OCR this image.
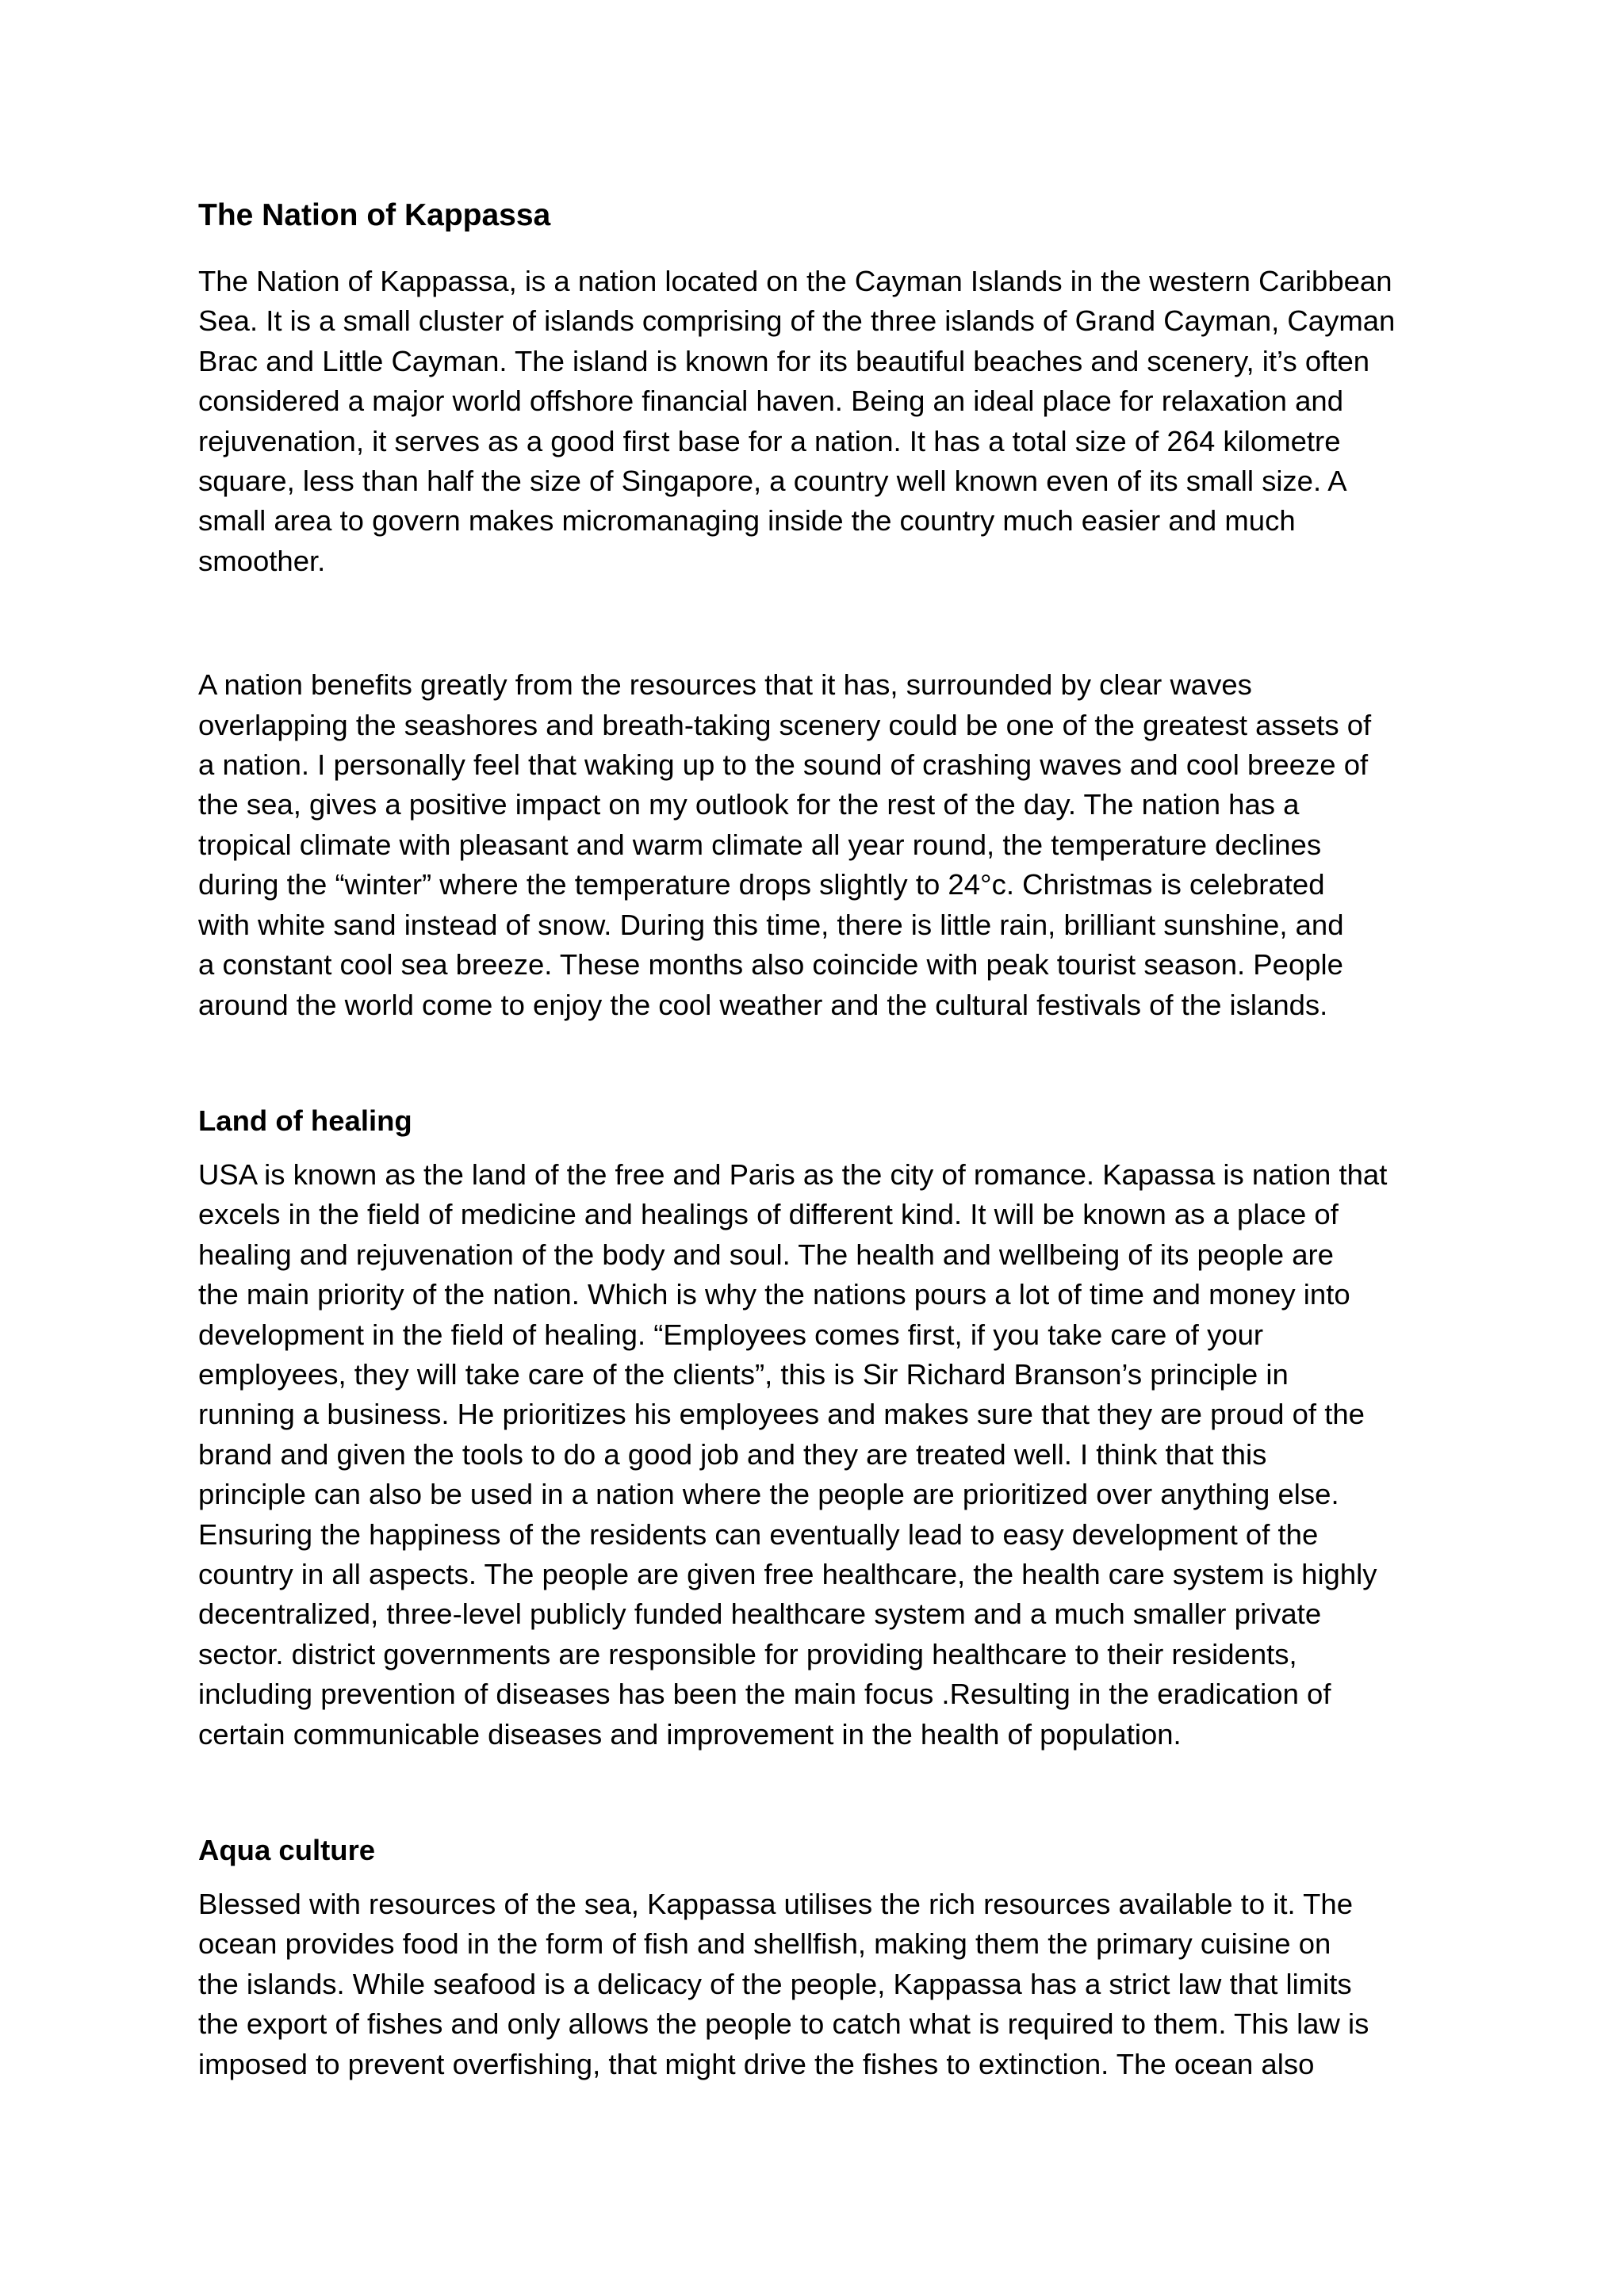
The Nation of Kappassa

The Nation of Kappassa, is a nation located on the Cayman Islands in the western Caribbean
Sea. It is a small cluster of islands comprising of the three islands of Grand Cayman, Cayman
Brac and Little Cayman. The island is known for its beautiful beaches and scenery, it’s often
considered a major world offshore financial haven. Being an ideal place for relaxation and
rejuvenation, it serves as a good first base for a nation. It has a total size of 264 kilometre
square, less than half the size of Singapore, a country well known even of its small size. A
small area to govern makes micromanaging inside the country much easier and much
smoother.

A nation benefits greatly from the resources that it has, surrounded by clear waves
overlapping the seashores and breath-taking scenery could be one of the greatest assets of
a nation. I personally feel that waking up to the sound of crashing waves and cool breeze of
the sea, gives a positive impact on my outlook for the rest of the day. The nation has a
tropical climate with pleasant and warm climate all year round, the temperature declines
during the “winter” where the temperature drops slightly to 24°c. Christmas is celebrated
with white sand instead of snow. During this time, there is little rain, brilliant sunshine, and
a constant cool sea breeze. These months also coincide with peak tourist season. People
around the world come to enjoy the cool weather and the cultural festivals of the islands.

Land of healing

USA is known as the land of the free and Paris as the city of romance. Kapassa is nation that
excels in the field of medicine and healings of different kind. It will be known as a place of
healing and rejuvenation of the body and soul. The health and wellbeing of its people are
the main priority of the nation. Which is why the nations pours a lot of time and money into
development in the field of healing. “Employees comes first, if you take care of your
employees, they will take care of the clients”, this is Sir Richard Branson’s principle in
running a business. He prioritizes his employees and makes sure that they are proud of the
brand and given the tools to do a good job and they are treated well. I think that this
principle can also be used in a nation where the people are prioritized over anything else.
Ensuring the happiness of the residents can eventually lead to easy development of the
country in all aspects. The people are given free healthcare, the health care system is highly
decentralized, three-level publicly funded healthcare system and a much smaller private
sector. district governments are responsible for providing healthcare to their residents,
including prevention of diseases has been the main focus .Resulting in the eradication of
certain communicable diseases and improvement in the health of population.

Aqua culture

Blessed with resources of the sea, Kappassa utilises the rich resources available to it. The
ocean provides food in the form of fish and shellfish, making them the primary cuisine on
the islands. While seafood is a delicacy of the people, Kappassa has a strict law that limits
the export of fishes and only allows the people to catch what is required to them. This law is
imposed to prevent overfishing, that might drive the fishes to extinction. The ocean also
